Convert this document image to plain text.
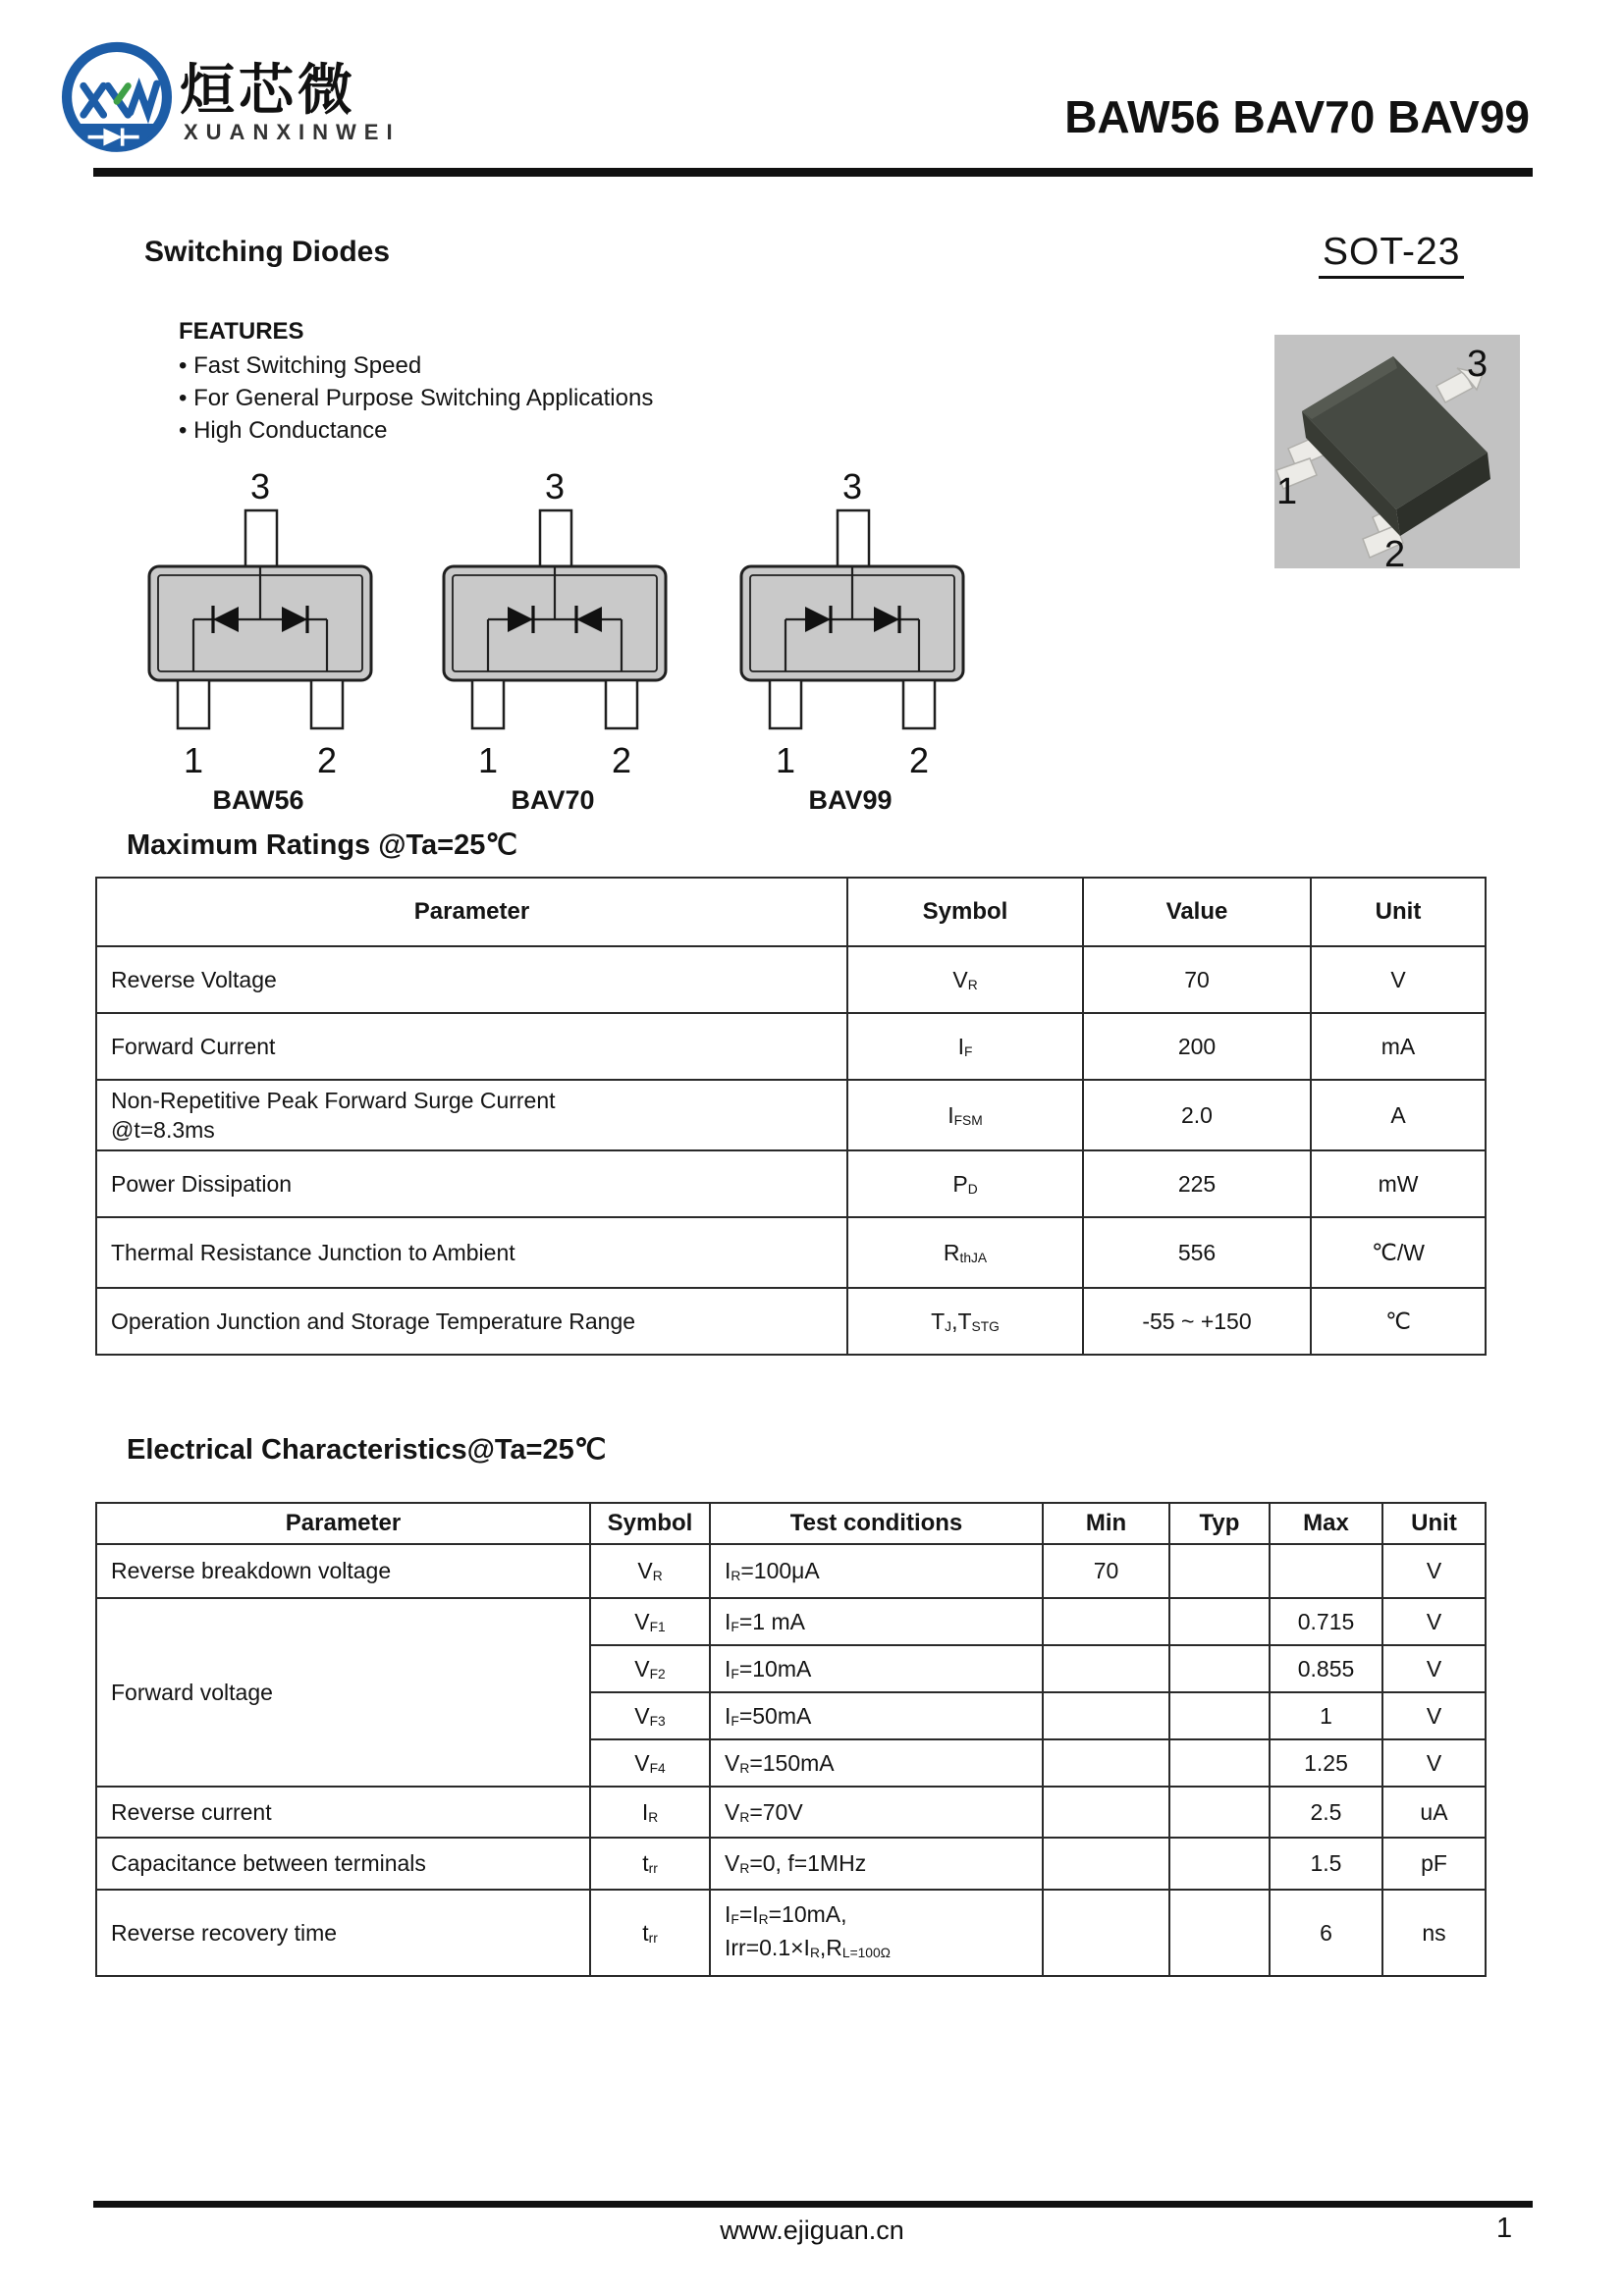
烜芯微
XUANXINWEI	BAW56 BAV70 BAV99
Switching Diodes	SOT-23
FEATURES
• Fast Switching Speed
• For General Purpose Switching Applications
• High Conductance
3
1
2
3
1	2
3
1	2
3
1	2
BAW56	BAV70	BAV99
Maximum Ratings @Ta=25℃
Parameter	Symbol	Value	Unit
Reverse Voltage	$V_R$	70	V
Forward Current	$I_F$	200	mA

Non-Repetitive Peak Forward Surge Current
@t=8.3ms	$I_{FSM}$	2.0	A
Power Dissipation	$P_D$	225	mW
Thermal Resistance Junction to Ambient	$R_{thJA}$	556	℃/W
Operation Junction and Storage Temperature Range	$T_J,T_{STG}$	-55 ~ +150	℃
Electrical Characteristics@Ta=25℃
Parameter	Symbol	Test conditions	Min	Typ	Max	Unit
Reverse breakdown voltage	$V_R$	$I_R=100\mu A$	70			V
Forward voltage	$V_{F1}$	$I_F=1$ mA			0.715	V
	$V_{F2}$	$I_F=10mA$			0.855	V
	$V_{F3}$	$I_F=50mA$			1	V
	$V_{F4}$	$V_R=150mA$			1.25	V
Reverse current	$I_R$	$V_R=70V$			2.5	uA
Capacitance between terminals	$t_{rr}$	$V_R=0$, f=1MHz			1.5	pF
Reverse recovery time	$t_{rr}$	$I_F=I_R=10mA$,
$Irr=0.1\times I_R,R_{L=100\Omega}$			6	ns
www.ejiguan.cn	1
